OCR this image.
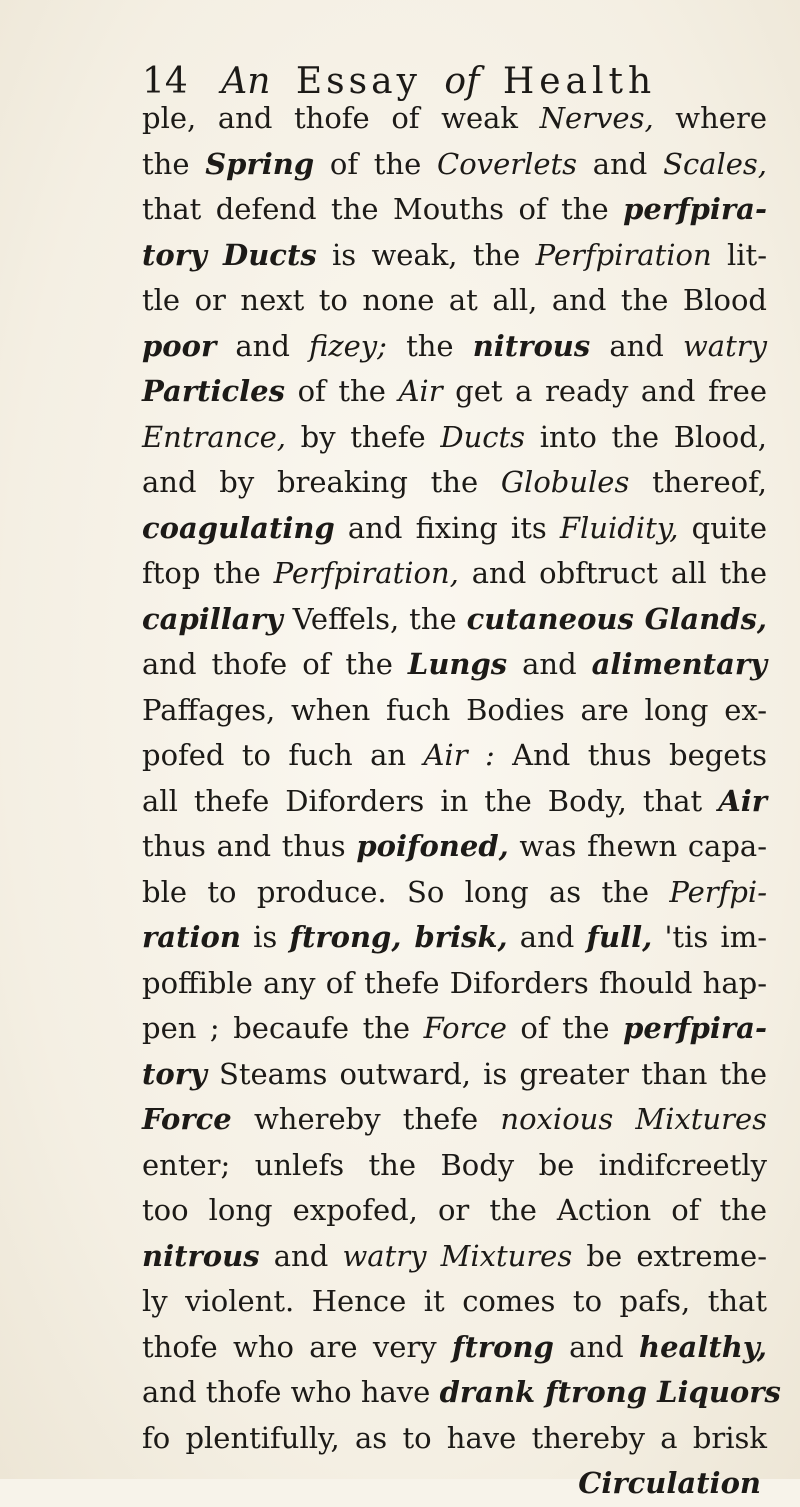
14 An Essay of Health
ple, and thofe of weak Nerves, where
the Spring of the Coverlets and Scales,
that defend the Mouths of the perfpira-
tory Ducts is weak, the Perfpiration lit-
tle or next to none at all, and the Blood
poor and fizey; the nitrous and watry
Particles of the Air get a ready and free
Entrance, by thefe Ducts into the Blood,
and by breaking the Globules thereof,
coagulating and fixing its Fluidity, quite
ftop the Perfpiration, and obftruct all the
capillary Veffels, the cutaneous Glands,
and thofe of the Lungs and alimentary
Paffages, when fuch Bodies are long ex-
pofed to fuch an Air : And thus begets
all thefe Diforders in the Body, that Air
thus and thus poifoned, was fhewn capa-
ble to produce. So long as the Perfpi-
ration is ftrong, brisk, and full, 'tis im-
poffible any of thefe Diforders fhould hap-
pen ; becaufe the Force of the perfpira-
tory Steams outward, is greater than the
Force whereby thefe noxious Mixtures
enter; unlefs the Body be indifcreetly
too long expofed, or the Action of the
nitrous and watry Mixtures be extreme-
ly violent. Hence it comes to pafs, that
thofe who are very ftrong and healthy,
and thofe who have drank ftrong Liquors
fo plentifully, as to have thereby a brisk
Circulation
